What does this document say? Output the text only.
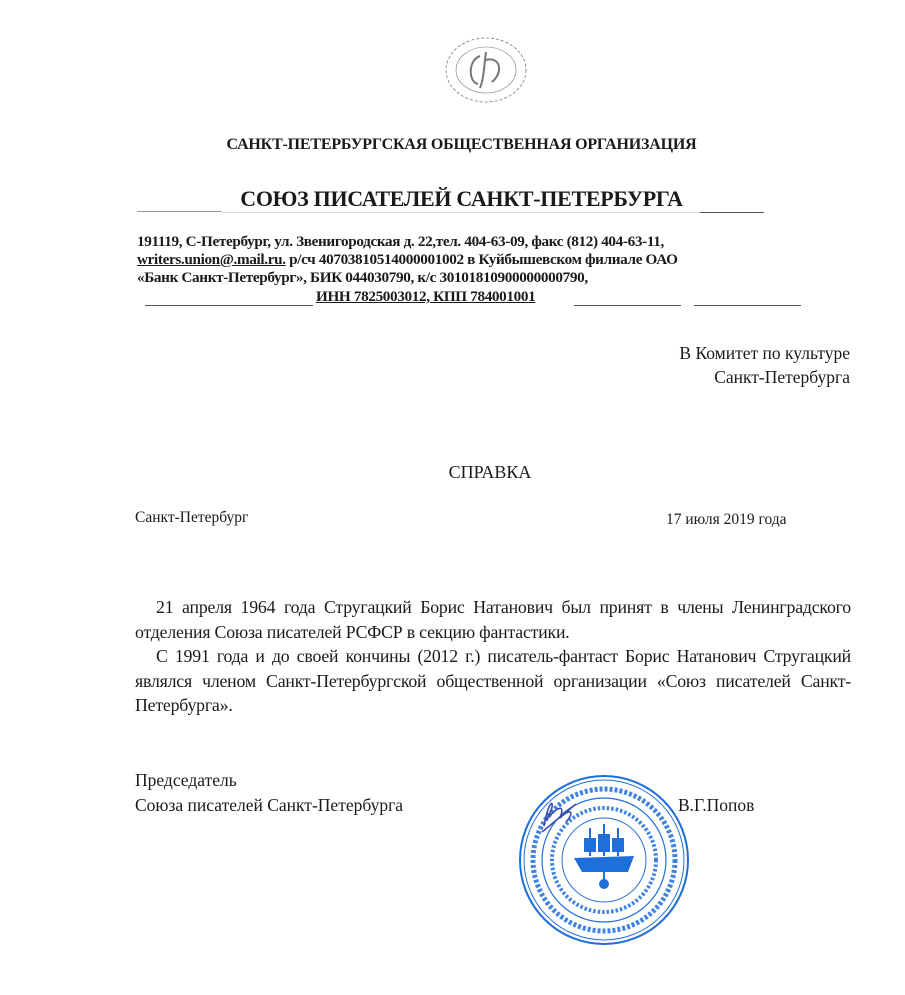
САНКТ-ПЕТЕРБУРГСКАЯ ОБЩЕСТВЕННАЯ ОРГАНИЗАЦИЯ
СОЮЗ ПИСАТЕЛЕЙ САНКТ-ПЕТЕРБУРГА
191119, С-Петербург, ул. Звенигородская д. 22,тел. 404-63-09, факс (812) 404-63-11,
writers.union@.mail.ru. р/сч 40703810514000001002 в Куйбышевском филиале ОАО
«Банк Санкт-Петербург», БИК 044030790, к/с 30101810900000000790,
ИНН 7825003012, КПП 784001001
В Комитет по культуре
Санкт-Петербурга
СПРАВКА
Санкт-Петербург	17 июля 2019 года

21 апреля 1964 года Стругацкий Борис Натанович был принят в члены Ленинградского отделения Союза писателей РСФСР в секцию фантастики.

С 1991 года и до своей кончины (2012 г.) писатель-фантаст Борис Натанович Стругацкий являлся членом Санкт-Петербургской общественной организации «Союз писателей Санкт-Петербурга».

Председатель
Союза писателей Санкт-Петербурга	В.Г.Попов
